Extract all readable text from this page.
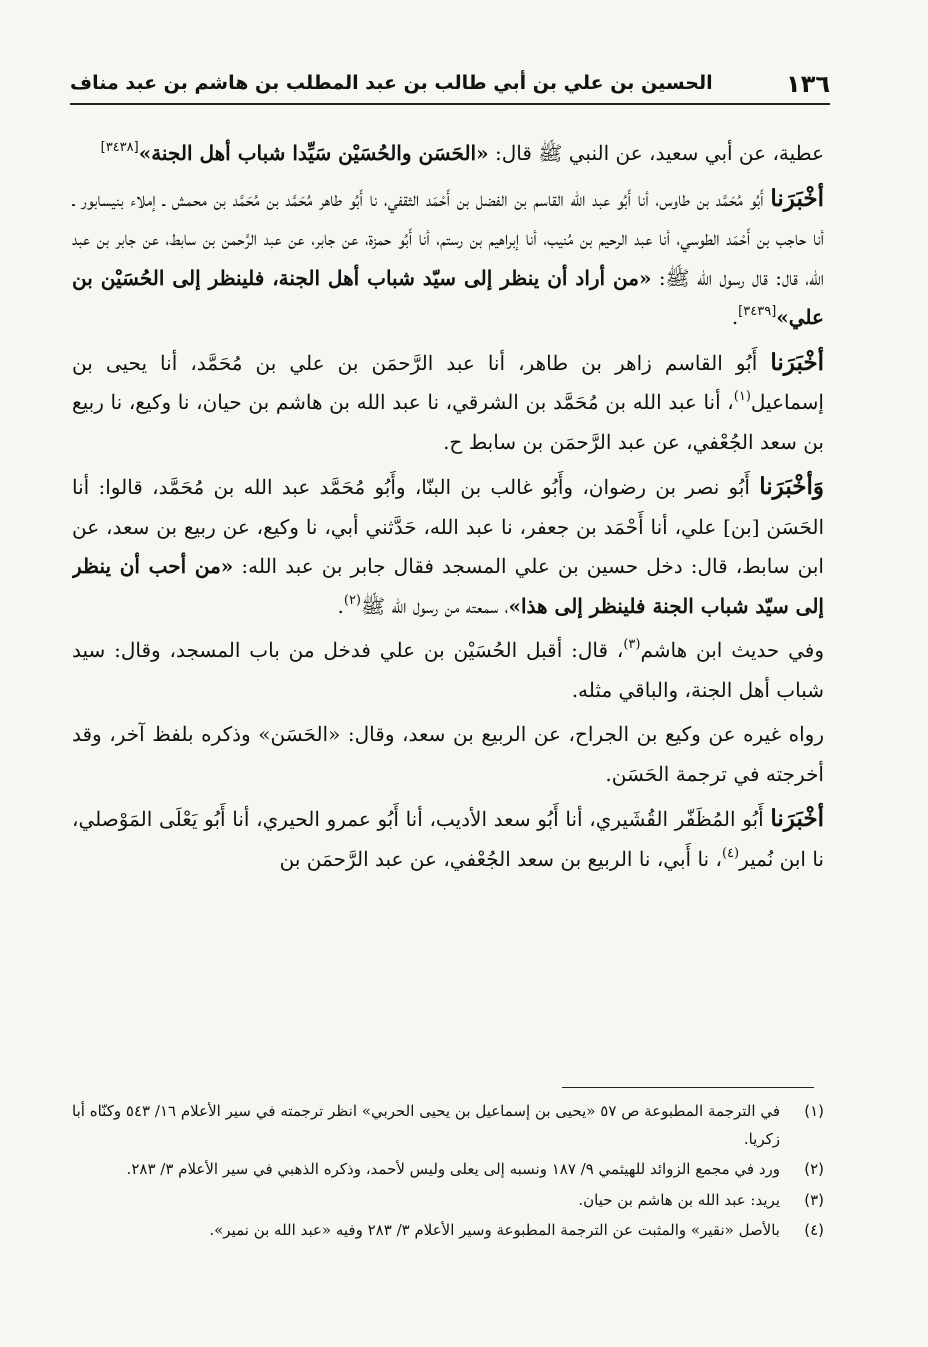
١٣٦
الحسين بن علي بن أبي طالب بن عبد المطلب بن هاشم بن عبد مناف

عطية، عن أبي سعيد، عن النبي ﷺ قال: «الحَسَن والحُسَيْن سَيِّدا شباب أهل الجنة»[٣٤٣٨]

أخْبَرَنا أَبُو مُحَمَّد بن طاوس، أنا أَبُو عبد الله القاسم بن الفضل بن أَحْمَد الثقفي، نا أَبُو طاهر مُحَمَّد بن مُحَمَّد بن محمش ـ إملاء بنيسابور ـ أنا حاجب بن أَحْمَد الطوسي، أنا عبد الرحيم بن مُنيب، أنا إبراهيم بن رستم، أنا أَبُو حمزة، عن جابر، عن عبد الرَّحمن بن سابط، عن جابر بن عبد الله، قال: قال رسول الله ﷺ: «من أراد أن ينظر إلى سيّد شباب أهل الجنة، فلينظر إلى الحُسَيْن بن علي»[٣٤٣٩].

أخْبَرَنا أَبُو القاسم زاهر بن طاهر، أنا عبد الرَّحمَن بن علي بن مُحَمَّد، أنا يحيى بن إسماعيل$^{(١)}$، أنا عبد الله بن مُحَمَّد بن الشرقي، نا عبد الله بن هاشم بن حيان، نا وكيع، نا ربيع بن سعد الجُعْفي، عن عبد الرَّحمَن بن سابط ح.

وَأخْبَرَنا أَبُو نصر بن رضوان، وأَبُو غالب بن البنّا، وأَبُو مُحَمَّد عبد الله بن مُحَمَّد، قالوا: أنا الحَسَن [بن] علي، أنا أَحْمَد بن جعفر، نا عبد الله، حَدَّثني أبي، نا وكيع، عن ربيع بن سعد، عن ابن سابط، قال: دخل حسين بن علي المسجد فقال جابر بن عبد الله: «من أحب أن ينظر إلى سيّد شباب الجنة فلينظر إلى هذا»، سمعته من رسول الله ﷺ$^{(٢)}$.

وفي حديث ابن هاشم$^{(٣)}$، قال: أقبل الحُسَيْن بن علي فدخل من باب المسجد، وقال: سيد شباب أهل الجنة، والباقي مثله.

رواه غيره عن وكيع بن الجراح، عن الربيع بن سعد، وقال: «الحَسَن» وذكره بلفظ آخر، وقد أخرجته في ترجمة الحَسَن.

أخْبَرَنا أَبُو المُظَفّر القُشَيري، أنا أَبُو سعد الأديب، أنا أَبُو عمرو الحيري، أنا أَبُو يَعْلَى المَوْصلي، نا ابن نُمير$^{(٤)}$، نا أَبي، نا الربيع بن سعد الجُعْفي، عن عبد الرَّحمَن بن

(١)
في الترجمة المطبوعة ص ٥٧ «يحيى بن إسماعيل بن يحيى الحربي» انظر ترجمته في سير الأعلام ١٦/ ٥٤٣ وكنّاه أبا زكريا.
(٢)
ورد في مجمع الزوائد للهيثمي ٩/ ١٨٧ ونسبه إلى يعلى وليس لأحمد، وذكره الذهبي في سير الأعلام ٣/ ٢٨٣.
(٣)
يريد: عبد الله بن هاشم بن حيان.
(٤)
بالأصل «نقير» والمثبت عن الترجمة المطبوعة وسير الأعلام ٣/ ٢٨٣ وفيه «عبد الله بن نمير».
